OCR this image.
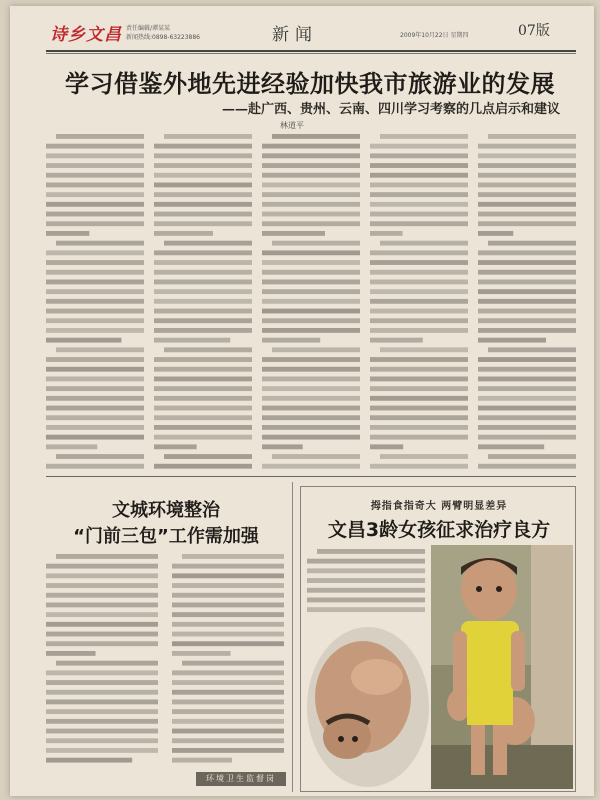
诗乡文昌 责任编辑/谭某某
新闻热线:0898-63223886	新闻	2009年10月22日 星期四	07版
学习借鉴外地先进经验加快我市旅游业的发展
——赴广西、贵州、云南、四川学习考察的几点启示和建议
林道平
文城环境整治
“门前三包”工作需加强
环境卫生监督岗
拇指食指奇大 两臂明显差异
文昌3龄女孩征求治疗良方
